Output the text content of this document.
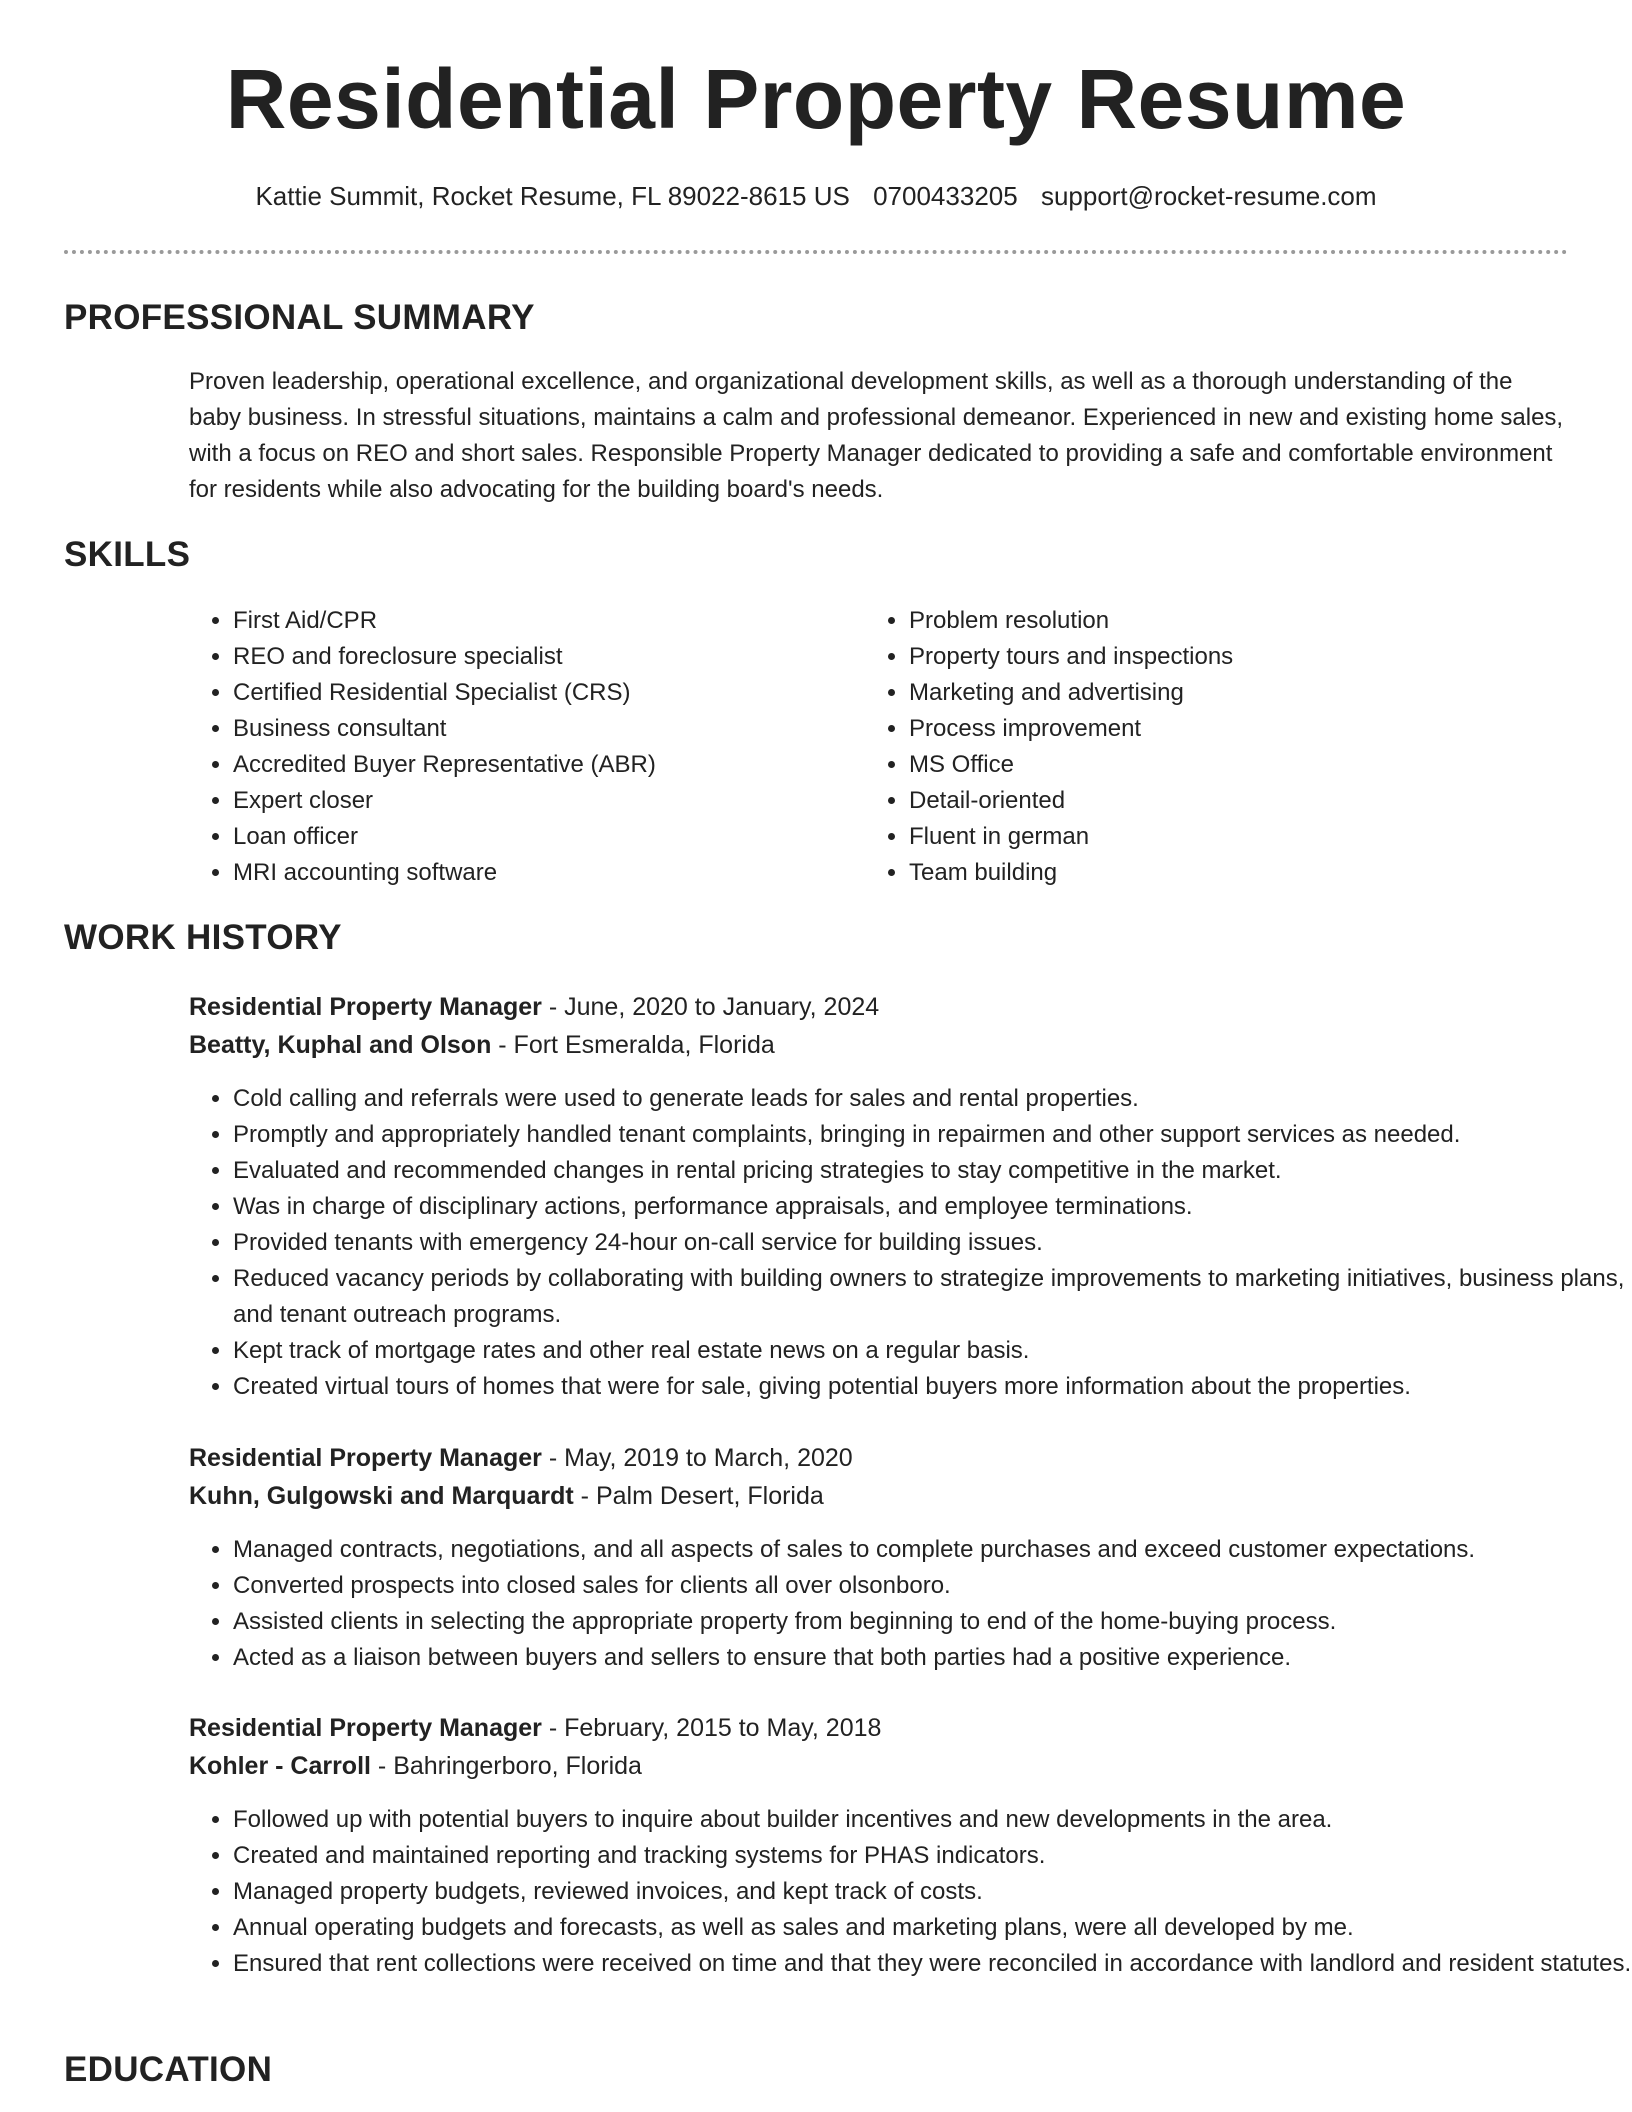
Residential Property Resume
Kattie Summit, Rocket Resume, FL 89022-8615 US 0700433205 support@rocket-resume.com
PROFESSIONAL SUMMARY
Proven leadership, operational excellence, and organizational development skills, as well as a thorough understanding of the baby business. In stressful situations, maintains a calm and professional demeanor. Experienced in new and existing home sales, with a focus on REO and short sales. Responsible Property Manager dedicated to providing a safe and comfortable environment for residents while also advocating for the building board's needs.
SKILLS
• First Aid/CPR
• REO and foreclosure specialist
• Certified Residential Specialist (CRS)
• Business consultant
• Accredited Buyer Representative (ABR)
• Expert closer
• Loan officer
• MRI accounting software
• Problem resolution
• Property tours and inspections
• Marketing and advertising
• Process improvement
• MS Office
• Detail-oriented
• Fluent in german
• Team building
WORK HISTORY
Residential Property Manager - June, 2020 to January, 2024
Beatty, Kuphal and Olson - Fort Esmeralda, Florida
• Cold calling and referrals were used to generate leads for sales and rental properties.
• Promptly and appropriately handled tenant complaints, bringing in repairmen and other support services as needed.
• Evaluated and recommended changes in rental pricing strategies to stay competitive in the market.
• Was in charge of disciplinary actions, performance appraisals, and employee terminations.
• Provided tenants with emergency 24-hour on-call service for building issues.
• Reduced vacancy periods by collaborating with building owners to strategize improvements to marketing initiatives, business plans, and tenant outreach programs.
• Kept track of mortgage rates and other real estate news on a regular basis.
• Created virtual tours of homes that were for sale, giving potential buyers more information about the properties.
Residential Property Manager - May, 2019 to March, 2020
Kuhn, Gulgowski and Marquardt - Palm Desert, Florida
• Managed contracts, negotiations, and all aspects of sales to complete purchases and exceed customer expectations.
• Converted prospects into closed sales for clients all over olsonboro.
• Assisted clients in selecting the appropriate property from beginning to end of the home-buying process.
• Acted as a liaison between buyers and sellers to ensure that both parties had a positive experience.
Residential Property Manager - February, 2015 to May, 2018
Kohler - Carroll - Bahringerboro, Florida
• Followed up with potential buyers to inquire about builder incentives and new developments in the area.
• Created and maintained reporting and tracking systems for PHAS indicators.
• Managed property budgets, reviewed invoices, and kept track of costs.
• Annual operating budgets and forecasts, as well as sales and marketing plans, were all developed by me.
• Ensured that rent collections were received on time and that they were reconciled in accordance with landlord and resident statutes.
EDUCATION
